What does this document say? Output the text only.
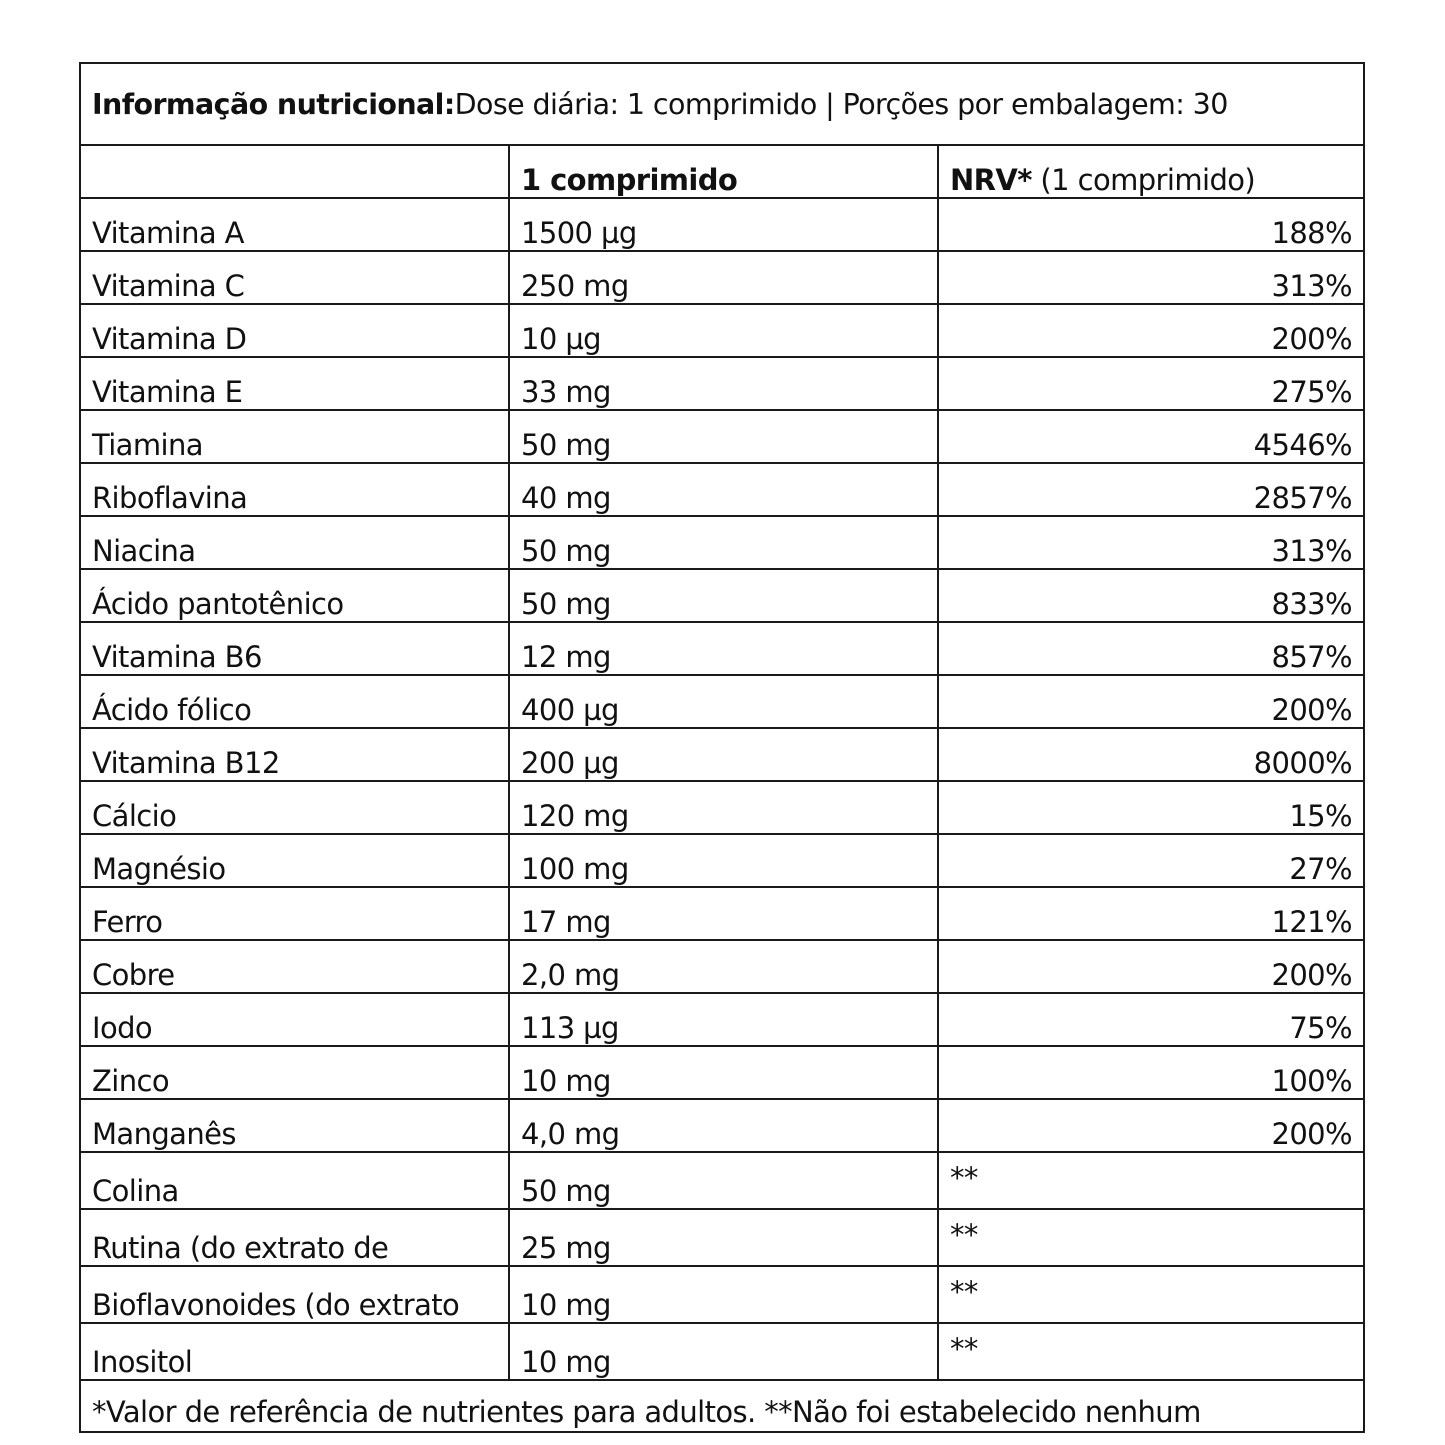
Informação nutricional: Dose diária: 1 comprimido | Porções por embalagem: 30
	1 comprimido	NRV* (1 comprimido)
Vitamina A	1500 µg	188%
Vitamina C	250 mg	313%
Vitamina D	10 µg	200%
Vitamina E	33 mg	275%
Tiamina	50 mg	4546%
Riboflavina	40 mg	2857%
Niacina	50 mg	313%
Ácido pantotênico	50 mg	833%
Vitamina B6	12 mg	857%
Ácido fólico	400 µg	200%
Vitamina B12	200 µg	8000%
Cálcio	120 mg	15%
Magnésio	100 mg	27%
Ferro	17 mg	121%
Cobre	2,0 mg	200%
Iodo	113 µg	75%
Zinco	10 mg	100%
Manganês	4,0 mg	200%
Colina	50 mg	**
Rutina (do extrato de	25 mg	**
Bioflavonoides (do extrato	10 mg	**
Inositol	10 mg	**
*Valor de referência de nutrientes para adultos. **Não foi estabelecido nenhum
